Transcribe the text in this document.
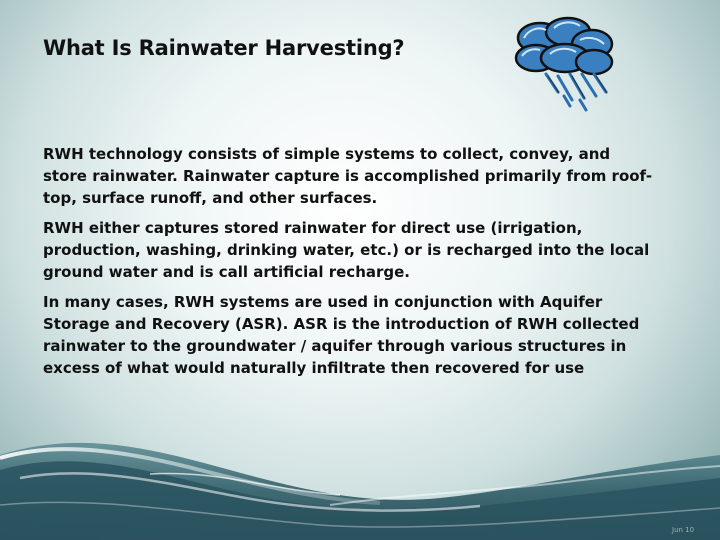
What Is Rainwater Harvesting?

RWH technology consists of simple systems to collect, convey, and store rainwater. Rainwater capture is accomplished primarily from roof-top, surface runoff, and other surfaces.

RWH either captures stored rainwater for direct use (irrigation, production, washing, drinking water, etc.) or is recharged into the local ground water and is call artificial recharge.

In many cases, RWH systems are used in conjunction with Aquifer Storage and Recovery (ASR). ASR is the introduction of RWH collected rainwater to the groundwater / aquifer through various structures in excess of what would naturally infiltrate then recovered for use

Jun 10
